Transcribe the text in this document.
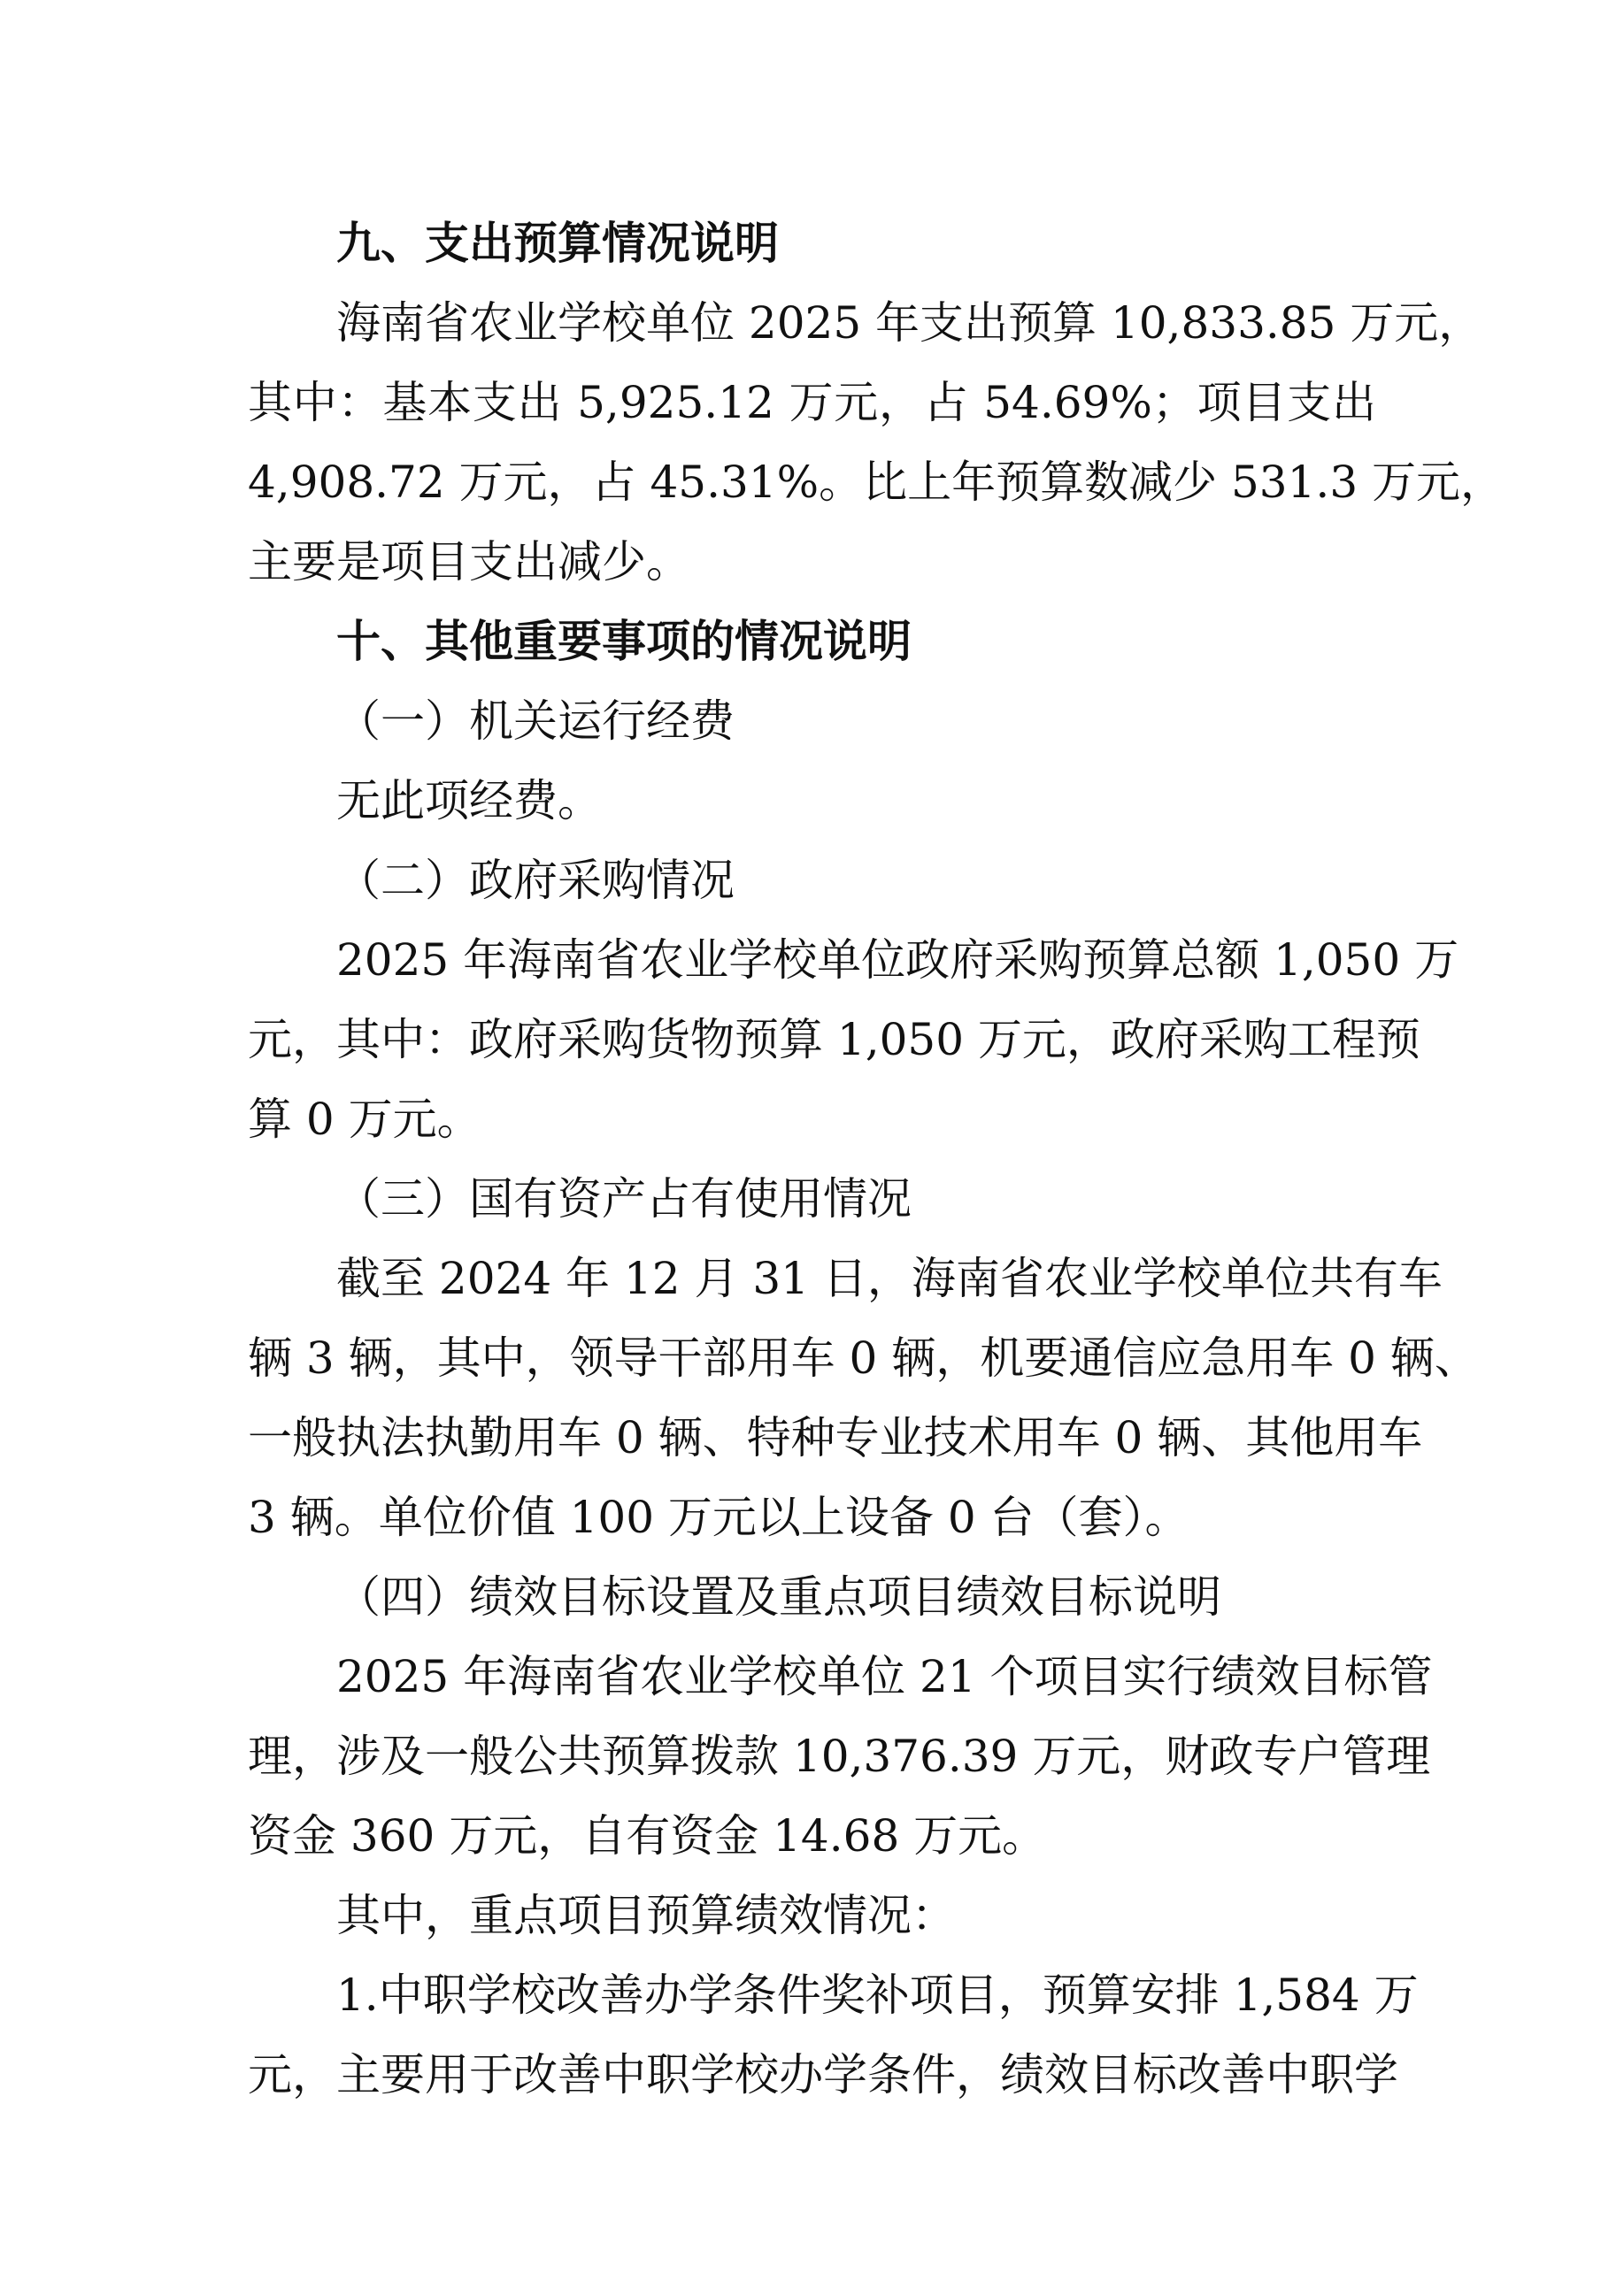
九、支出预算情况说明
海南省农业学校单位 2025 年支出预算 10,833.85 万元，
其中：基本支出 5,925.12 万元，占 54.69%；项目支出
4,908.72 万元，占 45.31%。比上年预算数减少 531.3 万元，
主要是项目支出减少。
十、其他重要事项的情况说明
（一）机关运行经费
无此项经费。
（二）政府采购情况
2025 年海南省农业学校单位政府采购预算总额 1,050 万
元，其中：政府采购货物预算 1,050 万元，政府采购工程预
算 0 万元。
（三）国有资产占有使用情况
截至 2024 年 12 月 31 日，海南省农业学校单位共有车
辆 3 辆，其中，领导干部用车 0 辆，机要通信应急用车 0 辆、
一般执法执勤用车 0 辆、特种专业技术用车 0 辆、其他用车
3 辆。单位价值 100 万元以上设备 0 台（套）。
（四）绩效目标设置及重点项目绩效目标说明
2025 年海南省农业学校单位 21 个项目实行绩效目标管
理，涉及一般公共预算拨款 10,376.39 万元，财政专户管理
资金 360 万元，自有资金 14.68 万元。
其中，重点项目预算绩效情况：
1.中职学校改善办学条件奖补项目，预算安排 1,584 万
元，主要用于改善中职学校办学条件，绩效目标改善中职学
